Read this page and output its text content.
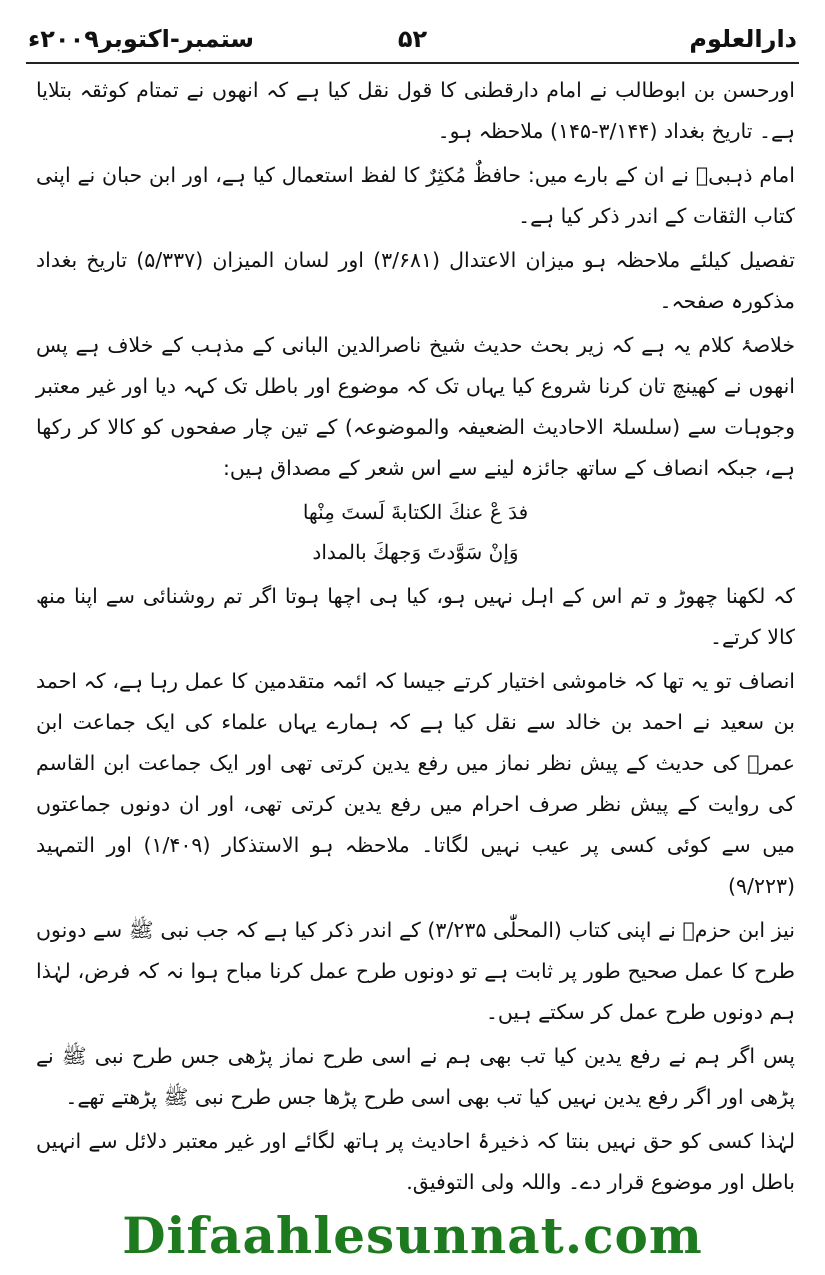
دارالعلوم
۵۲
ستمبر-اکتوبر۲۰۰۹ء

اورحسن بن ابوطالب نے امام دارقطنی کا قول نقل کیا ہے کہ انھوں نے تمتام کوثقہ بتلایا ہے۔ تاریخ بغداد (۳/۱۴۴-۱۴۵) ملاحظہ ہو۔

امام ذہبیؒ نے ان کے بارے میں: حافظٌ مُکثِرٌ کا لفظ استعمال کیا ہے، اور ابن حبان نے اپنی کتاب الثقات کے اندر ذکر کیا ہے۔

تفصیل کیلئے ملاحظہ ہو میزان الاعتدال (۳/۶۸۱) اور لسان المیزان (۵/۳۳۷) تاریخ بغداد مذکورہ صفحہ۔

خلاصۂ کلام یہ ہے کہ زیر بحث حدیث شیخ ناصرالدین البانی کے مذہب کے خلاف ہے پس انھوں نے کھینچ تان کرنا شروع کیا یہاں تک کہ موضوع اور باطل تک کہہ دیا اور غیر معتبر وجوہات سے (سلسلۃ الاحادیث الضعیفہ والموضوعہ) کے تین چار صفحوں کو کالا کر رکھا ہے، جبکہ انصاف کے ساتھ جائزہ لینے سے اس شعر کے مصداق ہیں:

فدَ عْ عنكَ الكتابةَ لَستَ مِنْها
وَإنْ سَوَّدتَ وَجهكَ بالمداد

کہ لکھنا چھوڑ و تم اس کے اہل نہیں ہو، کیا ہی اچھا ہوتا اگر تم روشنائی سے اپنا منھ کالا کرتے۔

انصاف تو یہ تھا کہ خاموشی اختیار کرتے جیسا کہ ائمہ متقدمین کا عمل رہا ہے، کہ احمد بن سعید نے احمد بن خالد سے نقل کیا ہے کہ ہمارے یہاں علماء کی ایک جماعت ابن عمرؓ کی حدیث کے پیش نظر نماز میں رفع یدین کرتی تھی اور ایک جماعت ابن القاسم کی روایت کے پیش نظر صرف احرام میں رفع یدین کرتی تھی، اور ان دونوں جماعتوں میں سے کوئی کسی پر عیب نہیں لگاتا۔ ملاحظہ ہو الاستذکار (۱/۴۰۹) اور التمہید (۹/۲۲۳)

نیز ابن حزمؒ نے اپنی کتاب (المحلّٰی ۳/۲۳۵) کے اندر ذکر کیا ہے کہ جب نبی ﷺ سے دونوں طرح کا عمل صحیح طور پر ثابت ہے تو دونوں طرح عمل کرنا مباح ہوا نہ کہ فرض، لہٰذا ہم دونوں طرح عمل کر سکتے ہیں۔

پس اگر ہم نے رفع یدین کیا تب بھی ہم نے اسی طرح نماز پڑھی جس طرح نبی ﷺ نے پڑھی اور اگر رفع یدین نہیں کیا تب بھی اسی طرح پڑھا جس طرح نبی ﷺ پڑھتے تھے۔

لہٰذا کسی کو حق نہیں بنتا کہ ذخیرۂ احادیث پر ہاتھ لگائے اور غیر معتبر دلائل سے انہیں باطل اور موضوع قرار دے۔ واللہ ولی التوفیق.

Difaahlesunnat.com
